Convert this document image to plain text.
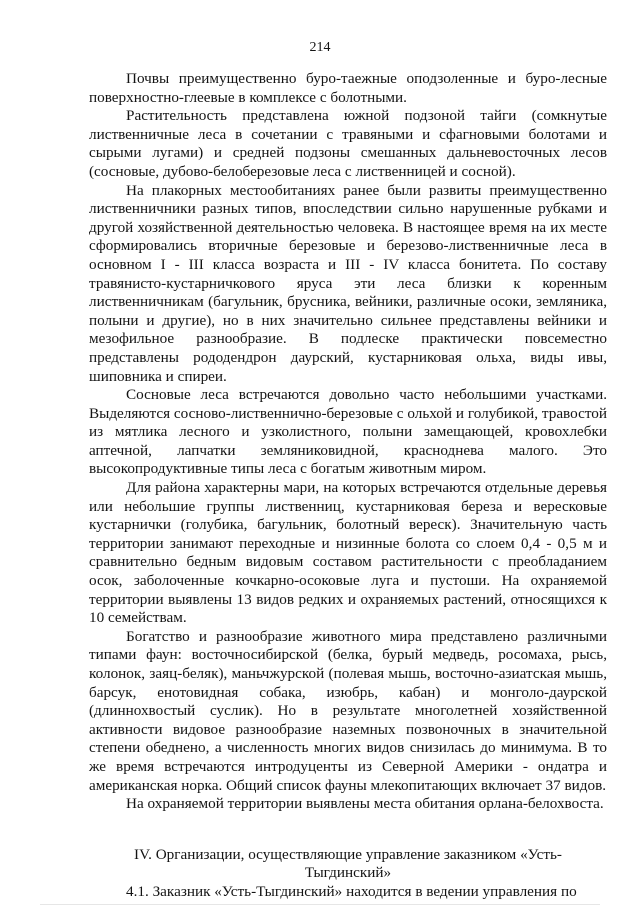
214

Почвы преимущественно буро-таежные оподзоленные и буро-лесные поверхностно-глеевые в комплексе с болотными.

Растительность представлена южной подзоной тайги (сомкнутые лиственничные леса в сочетании с травяными и сфагновыми болотами и сырыми лугами) и средней подзоны смешанных дальневосточных лесов (сосновые, дубово-белоберезовые леса с лиственницей и сосной).

На плакорных местообитаниях ранее были развиты преимущественно лиственничники разных типов, впоследствии сильно нарушенные рубками и другой хозяйственной деятельностью человека. В настоящее время на их месте сформировались вторичные березовые и березово-лиственничные леса в основном I - III класса возраста и III - IV класса бонитета. По составу травянисто-кустарничкового яруса эти леса близки к коренным лиственничникам (багульник, брусника, вейники, различные осоки, земляника, полыни и другие), но в них значительно сильнее представлены вейники и мезофильное разнообразие. В подлеске практически повсеместно представлены рододендрон даурский, кустарниковая ольха, виды ивы, шиповника и спиреи.

Сосновые леса встречаются довольно часто небольшими участками. Выделяются сосново-лиственнично-березовые с ольхой и голубикой, травостой из мятлика лесного и узколистного, полыни замещающей, кровохлебки аптечной, лапчатки земляниковидной, красноднева малого. Это высокопродуктивные типы леса с богатым животным миром.

Для района характерны мари, на которых встречаются отдельные деревья или небольшие группы лиственниц, кустарниковая береза и вересковые кустарнички (голубика, багульник, болотный вереск). Значительную часть территории занимают переходные и низинные болота со слоем 0,4 - 0,5 м и сравнительно бедным видовым составом растительности с преобладанием осок, заболоченные кочкарно-осоковые луга и пустоши. На охраняемой территории выявлены 13 видов редких и охраняемых растений, относящихся к 10 семействам.

Богатство и разнообразие животного мира представлено различными типами фаун: восточносибирской (белка, бурый медведь, росомаха, рысь, колонок, заяц-беляк), маньчжурской (полевая мышь, восточно-азиатская мышь, барсук, енотовидная собака, изюбрь, кабан) и монголо-даурской (длиннохвостый суслик). Но в результате многолетней хозяйственной активности видовое разнообразие наземных позвоночных в значительной степени обеднено, а численность многих видов снизилась до минимума. В то же время встречаются интродуценты из Северной Америки - ондатра и американская норка. Общий список фауны млекопитающих включает 37 видов.

На охраняемой территории выявлены места обитания орлана-белохвоста.

IV. Организации, осуществляющие управление заказником «Усть-Тыгдинский»

4.1. Заказник «Усть-Тыгдинский» находится в ведении управления по
